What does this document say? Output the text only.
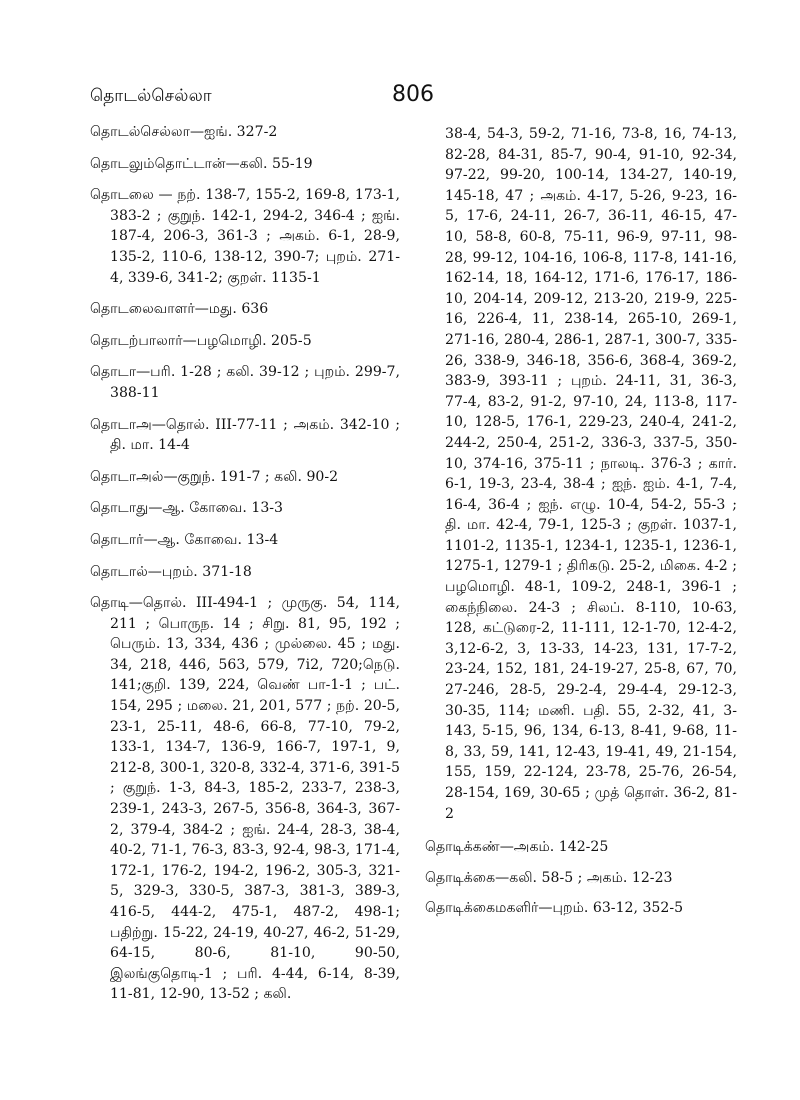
தொடல்செல்லா	806

தொடல்செல்லா—ஐங். 327-2

தொடலும்தொட்டான்—கலி. 55-19

தொடலை — நற். 138-7, 155-2, 169-8, 173-1, 383-2 ; குறுந். 142-1, 294-2, 346-4 ; ஐங். 187-4, 206-3, 361-3 ; அகம். 6-1, 28-9, 135-2, 110-6, 138-12, 390-7; புறம். 271-4, 339-6, 341-2; குறள். 1135-1

தொடலைவாளர்—மது. 636

தொடற்பாலார்—பழமொழி. 205-5

தொடா—பரி. 1-28 ; கலி. 39-12 ; புறம். 299-7, 388-11

தொடாஅ—தொல். III-77-11 ; அகம். 342-10 ; தி. மா. 14-4

தொடாஅல்—குறுந். 191-7 ; கலி. 90-2

தொடாது—ஆ. கோவை. 13-3

தொடார்—ஆ. கோவை. 13-4

தொடால்—புறம். 371-18

தொடி—தொல். III-494-1 ; முருகு. 54, 114, 211 ; பொருந. 14 ; சிறு. 81, 95, 192 ; பெரும். 13, 334, 436 ; முல்லை. 45 ; மது. 34, 218, 446, 563, 579, 7i2, 720;நெடு. 141;குறி. 139, 224, வெண் பா-1-1 ; பட். 154, 295 ; மலை. 21, 201, 577 ; நற். 20-5, 23-1, 25-11, 48-6, 66-8, 77-10, 79-2, 133-1, 134-7, 136-9, 166-7, 197-1, 9, 212-8, 300-1, 320-8, 332-4, 371-6, 391-5 ; குறுந். 1-3, 84-3, 185-2, 233-7, 238-3, 239-1, 243-3, 267-5, 356-8, 364-3, 367-2, 379-4, 384-2 ; ஐங். 24-4, 28-3, 38-4, 40-2, 71-1, 76-3, 83-3, 92-4, 98-3, 171-4, 172-1, 176-2, 194-2, 196-2, 305-3, 321-5, 329-3, 330-5, 387-3, 381-3, 389-3, 416-5, 444-2, 475-1, 487-2, 498-1; பதிற்று. 15-22, 24-19, 40-27, 46-2, 51-29, 64-15, 80-6, 81-10, 90-50, இலங்குதொடி-1 ; பரி. 4-44, 6-14, 8-39, 11-81, 12-90, 13-52 ; கலி.

38-4, 54-3, 59-2, 71-16, 73-8, 16, 74-13, 82-28, 84-31, 85-7, 90-4, 91-10, 92-34, 97-22, 99-20, 100-14, 134-27, 140-19, 145-18, 47 ; அகம். 4-17, 5-26, 9-23, 16-5, 17-6, 24-11, 26-7, 36-11, 46-15, 47-10, 58-8, 60-8, 75-11, 96-9, 97-11, 98-28, 99-12, 104-16, 106-8, 117-8, 141-16, 162-14, 18, 164-12, 171-6, 176-17, 186-10, 204-14, 209-12, 213-20, 219-9, 225-16, 226-4, 11, 238-14, 265-10, 269-1, 271-16, 280-4, 286-1, 287-1, 300-7, 335-26, 338-9, 346-18, 356-6, 368-4, 369-2, 383-9, 393-11 ; புறம். 24-11, 31, 36-3, 77-4, 83-2, 91-2, 97-10, 24, 113-8, 117-10, 128-5, 176-1, 229-23, 240-4, 241-2, 244-2, 250-4, 251-2, 336-3, 337-5, 350-10, 374-16, 375-11 ; நாலடி. 376-3 ; கார். 6-1, 19-3, 23-4, 38-4 ; ஐந். ஐம். 4-1, 7-4, 16-4, 36-4 ; ஐந். எழு. 10-4, 54-2, 55-3 ; தி. மா. 42-4, 79-1, 125-3 ; குறள். 1037-1, 1101-2, 1135-1, 1234-1, 1235-1, 1236-1, 1275-1, 1279-1 ; திரிகடு. 25-2, மிகை. 4-2 ; பழமொழி. 48-1, 109-2, 248-1, 396-1 ; கைந்நிலை. 24-3 ; சிலப். 8-110, 10-63, 128, கட்டுரை-2, 11-111, 12-1-70, 12-4-2, 3,12-6-2, 3, 13-33, 14-23, 131, 17-7-2, 23-24, 152, 181, 24-19-27, 25-8, 67, 70, 27-246, 28-5, 29-2-4, 29-4-4, 29-12-3, 30-35, 114; மணி. பதி. 55, 2-32, 41, 3-143, 5-15, 96, 134, 6-13, 8-41, 9-68, 11-8, 33, 59, 141, 12-43, 19-41, 49, 21-154, 155, 159, 22-124, 23-78, 25-76, 26-54, 28-154, 169, 30-65 ; முத் தொள். 36-2, 81-2

தொடிக்கண்—அகம். 142-25

தொடிக்கை—கலி. 58-5 ; அகம். 12-23

தொடிக்கைமகளிர்—புறம். 63-12, 352-5
